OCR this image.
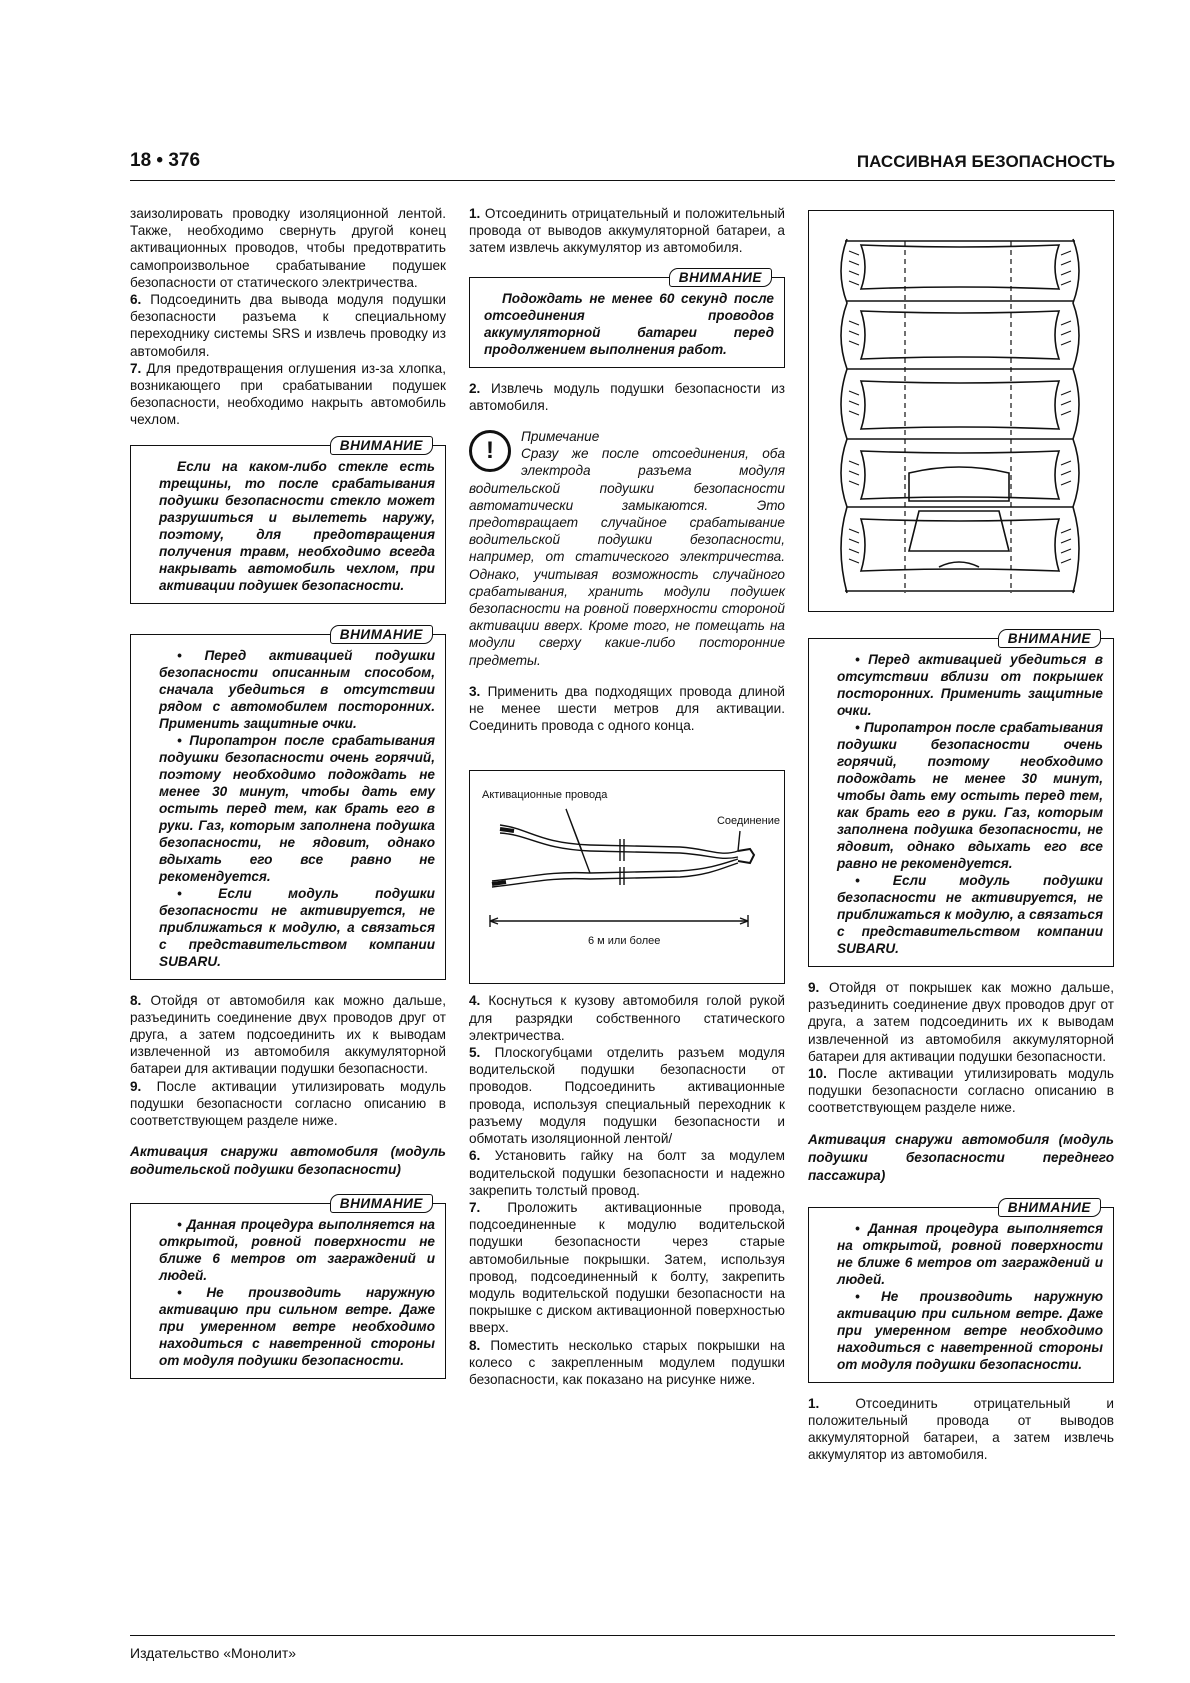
18 • 376	ПАССИВНАЯ БЕЗОПАСНОСТЬ

заизолировать проводку изоляционной лентой. Также, необходимо свернуть другой конец активационных проводов, чтобы предотвратить самопроизвольное срабатывание подушек безопасности от статического электричества.

6. Подсоединить два вывода модуля подушки безопасности разъема к специальному переходнику системы SRS и извлечь проводку из автомобиля.

7. Для предотвращения оглушения из-за хлопка, возникающего при срабатывании подушек безопасности, необходимо накрыть автомобиль чехлом.

ВНИМАНИЕ

Если на каком-либо стекле есть трещины, то после срабатывания подушки безопасности стекло может разрушиться и вылететь наружу, поэтому, для предотвращения получения травм, необходимо всегда накрывать автомобиль чехлом, при активации подушек безопасности.

ВНИМАНИЕ

• Перед активацией подушки безопасности описанным способом, сначала убедиться в отсутствии рядом с автомобилем посторонних. Применить защитные очки.

• Пиропатрон после срабатывания подушки безопасности очень горячий, поэтому необходимо подождать не менее 30 минут, чтобы дать ему остыть перед тем, как брать его в руки. Газ, которым заполнена подушка безопасности, не ядовит, однако вдыхать его все равно не рекомендуется.

• Если модуль подушки безопасности не активируется, не приближаться к модулю, а связаться с представительством компании SUBARU.

8. Отойдя от автомобиля как можно дальше, разъединить соединение двух проводов друг от друга, а затем подсоединить их к выводам извлеченной из автомобиля аккумуляторной батареи для активации подушки безопасности.

9. После активации утилизировать модуль подушки безопасности согласно описанию в соответствующем разделе ниже.

Активация снаружи автомобиля (модуль водительской подушки безопасности)
ВНИМАНИЕ

• Данная процедура выполняется на открытой, ровной поверхности не ближе 6 метров от заграждений и людей.

• Не производить наружную активацию при сильном ветре. Даже при умеренном ветре необходимо находиться с наветренной стороны от модуля подушки безопасности.

1. Отсоединить отрицательный и положительный провода от выводов аккумуляторной батареи, а затем извлечь аккумулятор из автомобиля.

ВНИМАНИЕ

Подождать не менее 60 секунд после отсоединения проводов аккумуляторной батареи перед продолжением выполнения работ.

2. Извлечь модуль подушки безопасности из автомобиля.

!
Примечание
Сразу же после отсоединения, оба электрода разъема модуля водительской подушки безопасности автоматически замыкаются. Это предотвращает случайное срабатывание водительской подушки безопасности, например, от статического электричества. Однако, учитывая возможность случайного срабатывания, хранить модули подушек безопасности на ровной поверхности стороной активации вверх. Кроме того, не помещать на модули сверху какие-либо посторонние предметы.

3. Применить два подходящих провода длиной не менее шести метров для активации. Соединить провода с одного конца.

Активационные провода
Соединение
6 м или более

4. Коснуться к кузову автомобиля голой рукой для разрядки собственного статического электричества.

5. Плоскогубцами отделить разъем модуля водительской подушки безопасности от проводов. Подсоединить активационные провода, используя специальный переходник к разъему модуля подушки безопасности и обмотать изоляционной лентой/

6. Установить гайку на болт за модулем водительской подушки безопасности и надежно закрепить толстый провод.

7. Проложить активационные провода, подсоединенные к модулю водительской подушки безопасности через старые автомобильные покрышки. Затем, используя провод, подсоединенный к болту, закрепить модуль водительской подушки безопасности на покрышке с диском активационной поверхностью вверх.

8. Поместить несколько старых покрышки на колесо с закрепленным модулем подушки безопасности, как показано на рисунке ниже.

ВНИМАНИЕ

• Перед активацией убедиться в отсутствии вблизи от покрышек посторонних. Применить защитные очки.

• Пиропатрон после срабатывания подушки безопасности очень горячий, поэтому необходимо подождать не менее 30 минут, чтобы дать ему остыть перед тем, как брать его в руки. Газ, которым заполнена подушка безопасности, не ядовит, однако вдыхать его все равно не рекомендуется.

• Если модуль подушки безопасности не активируется, не приближаться к модулю, а связаться с представительством компании SUBARU.

9. Отойдя от покрышек как можно дальше, разъединить соединение двух проводов друг от друга, а затем подсоединить их к выводам извлеченной из автомобиля аккумуляторной батареи для активации подушки безопасности.

10. После активации утилизировать модуль подушки безопасности согласно описанию в соответствующем разделе ниже.

Активация снаружи автомобиля (модуль подушки безопасности переднего пассажира)
ВНИМАНИЕ

• Данная процедура выполняется на открытой, ровной поверхности не ближе 6 метров от заграждений и людей.

• Не производить наружную активацию при сильном ветре. Даже при умеренном ветре необходимо находиться с наветренной стороны от модуля подушки безопасности.

1.	Отсоединить отрицательный и положительный провода от выводов аккумуляторной батареи, а затем извлечь аккумулятор из автомобиля.

Издательство «Монолит»
